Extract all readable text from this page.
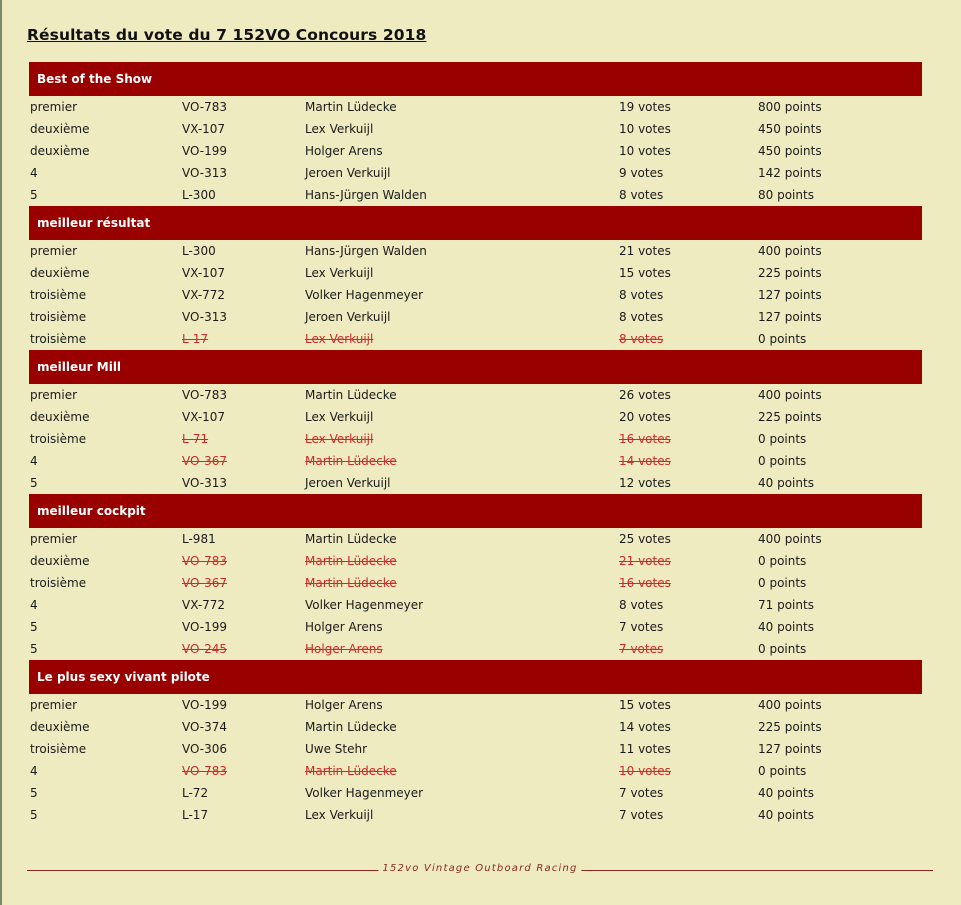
Résultats du vote du 7 152VO Concours 2018
Best of the Show
premier	VO-783	Martin Lüdecke	19 votes	800 points
deuxième	VX-107	Lex Verkuijl	10 votes	450 points
deuxième	VO-199	Holger Arens	10 votes	450 points
4	VO-313	Jeroen Verkuijl	9 votes	142 points
5	L-300	Hans-Jürgen Walden	8 votes	80 points
meilleur résultat
premier	L-300	Hans-Jürgen Walden	21 votes	400 points
deuxième	VX-107	Lex Verkuijl	15 votes	225 points
troisième	VX-772	Volker Hagenmeyer	8 votes	127 points
troisième	VO-313	Jeroen Verkuijl	8 votes	127 points
troisième	L-17	Lex Verkuijl	8 votes	0 points
meilleur Mill
premier	VO-783	Martin Lüdecke	26 votes	400 points
deuxième	VX-107	Lex Verkuijl	20 votes	225 points
troisième	L-71	Lex Verkuijl	16 votes	0 points
4	VO-367	Martin Lüdecke	14 votes	0 points
5	VO-313	Jeroen Verkuijl	12 votes	40 points
meilleur cockpit
premier	L-981	Martin Lüdecke	25 votes	400 points
deuxième	VO-783	Martin Lüdecke	21 votes	0 points
troisième	VO-367	Martin Lüdecke	16 votes	0 points
4	VX-772	Volker Hagenmeyer	8 votes	71 points
5	VO-199	Holger Arens	7 votes	40 points
5	VO-245	Holger Arens	7 votes	0 points
Le plus sexy vivant pilote
premier	VO-199	Holger Arens	15 votes	400 points
deuxième	VO-374	Martin Lüdecke	14 votes	225 points
troisième	VO-306	Uwe Stehr	11 votes	127 points
4	VO-783	Martin Lüdecke	10 votes	0 points
5	L-72	Volker Hagenmeyer	7 votes	40 points
5	L-17	Lex Verkuijl	7 votes	40 points
152vo Vintage Outboard Racing
